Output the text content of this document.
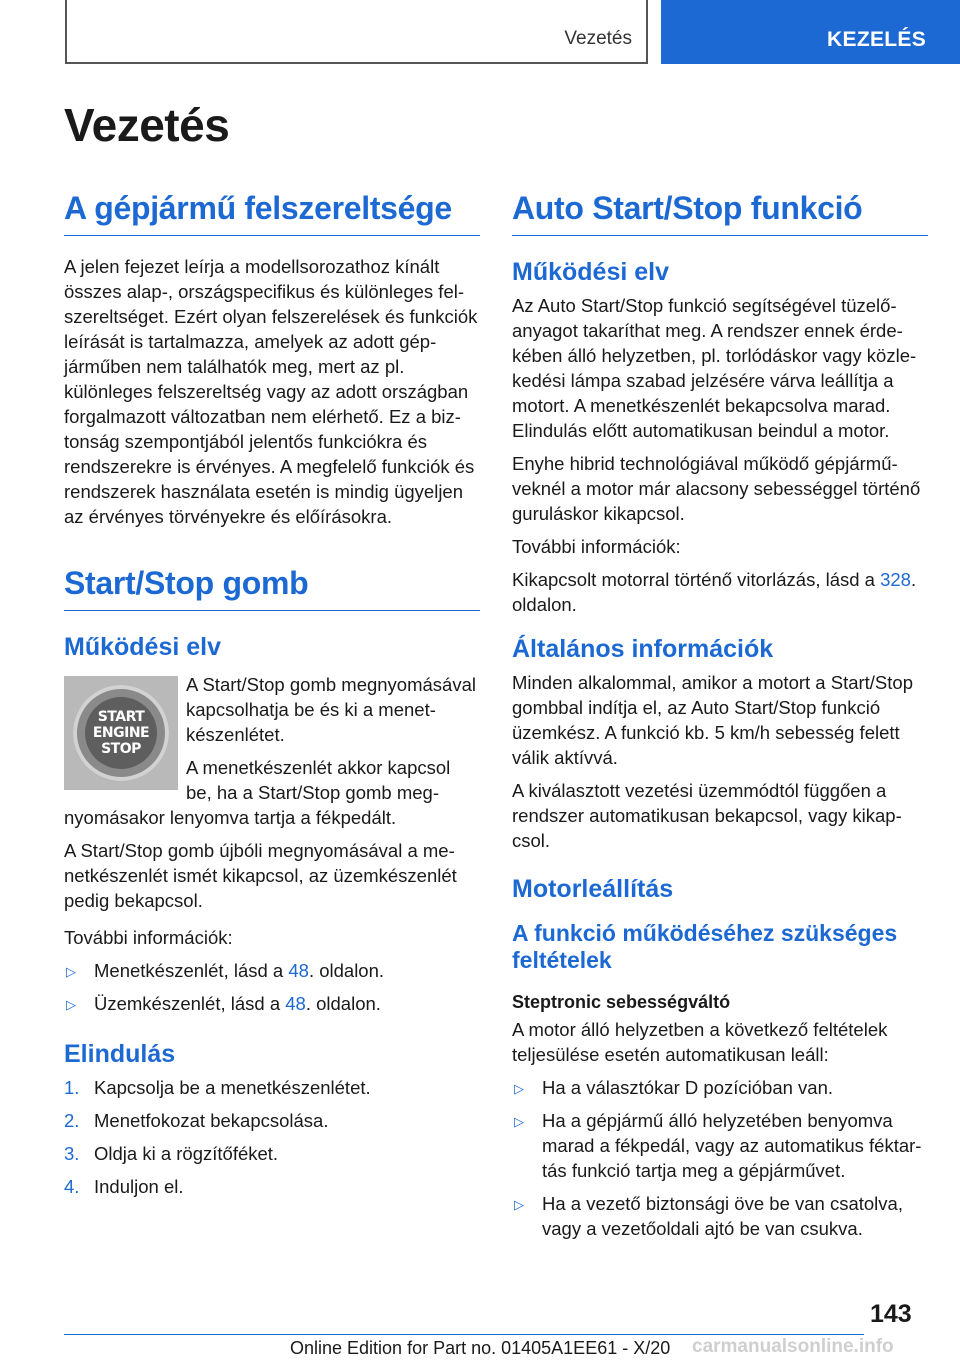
Vezetés	KEZELÉS
Vezetés
A gépjármű felszereltsége

A jelen fejezet leírja a modellsorozathoz kínált összes alap-, országspecifikus és különleges felszereltséget. Ezért olyan felszerelések és funkciók leírását is tartalmazza, amelyek az adott gépjárműben nem találhatók meg, mert az pl. különleges felszereltség vagy az adott országban forgalmazott változatban nem elérhető. Ez a biztonság szempontjából jelentős funkciókra és rendszerekre is érvényes. A megfelelő funkciók és rendszerek használata esetén is mindig ügyeljen az érvényes törvényekre és előírásokra.

Start/Stop gomb
Működési elv
START
ENGINE
STOP

A Start/Stop gomb megnyomásával kapcsolhatja be és ki a menetkészenlétet.

A menetkészenlét akkor kapcsol be, ha a Start/Stop gomb megnyomásakor lenyomva tartja a fékpedált.

A Start/Stop gomb újbóli megnyomásával a menetkészenlét ismét kikapcsol, az üzemkészenlét pedig bekapcsol.

További információk:

▷ Menetkészenlét, lásd a 48. oldalon.
▷ Üzemkészenlét, lásd a 48. oldalon.
Elindulás
1. Kapcsolja be a menetkészenlétet.
2. Menetfokozat bekapcsolása.
3. Oldja ki a rögzítőféket.
4. Induljon el.
Auto Start/Stop funkció
Működési elv

Az Auto Start/Stop funkció segítségével tüzelőanyagot takaríthat meg. A rendszer ennek érdekében álló helyzetben, pl. torlódáskor vagy közlekedési lámpa szabad jelzésére várva leállítja a motort. A menetkészenlét bekapcsolva marad. Elindulás előtt automatikusan beindul a motor.

Enyhe hibrid technológiával működő gépjárműveknél a motor már alacsony sebességgel történő guruláskor kikapcsol.

További információk:

Kikapcsolt motorral történő vitorlázás, lásd a 328. oldalon.

Általános információk

Minden alkalommal, amikor a motort a Start/Stop gombbal indítja el, az Auto Start/Stop funkció üzemkész. A funkció kb. 5 km/h sebesség felett válik aktívvá.

A kiválasztott vezetési üzemmódtól függően a rendszer automatikusan bekapcsol, vagy kikapcsol.

Motorleállítás
A funkció működéséhez szükséges feltételek
Steptronic sebességváltó

A motor álló helyzetben a következő feltételek teljesülése esetén automatikusan leáll:

▷ Ha a választókar D pozícióban van.
▷ Ha a gépjármű álló helyzetében benyomva marad a fékpedál, vagy az automatikus féktartás funkció tartja meg a gépjárművet.
▷ Ha a vezető biztonsági öve be van csatolva, vagy a vezetőoldali ajtó be van csukva.
143
Online Edition for Part no. 01405A1EE61 - X/20 carmanualsonline.info
